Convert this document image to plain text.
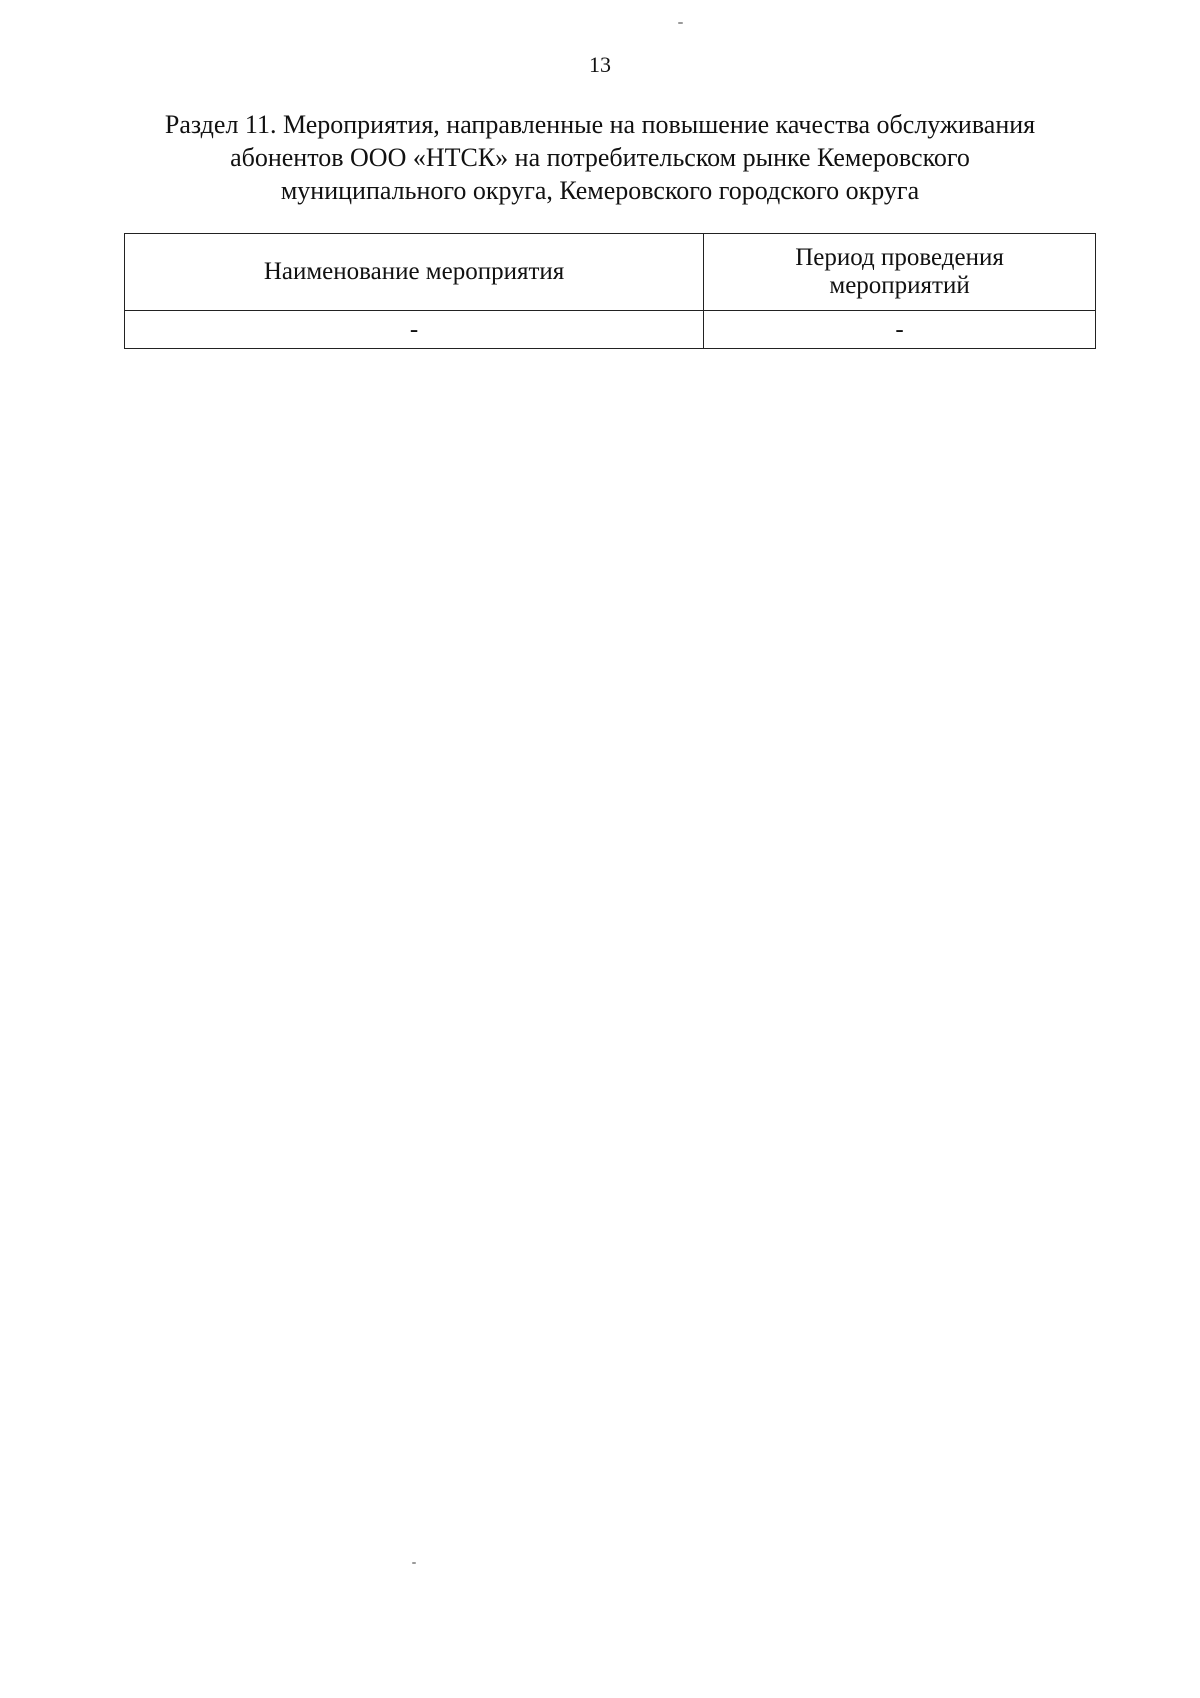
13
Раздел 11. Мероприятия, направленные на повышение качества обслуживания
абонентов ООО «НТСК» на потребительском рынке Кемеровского
муниципального округа, Кемеровского городского округа
Наименование мероприятия	Период проведения
мероприятий

-	-
